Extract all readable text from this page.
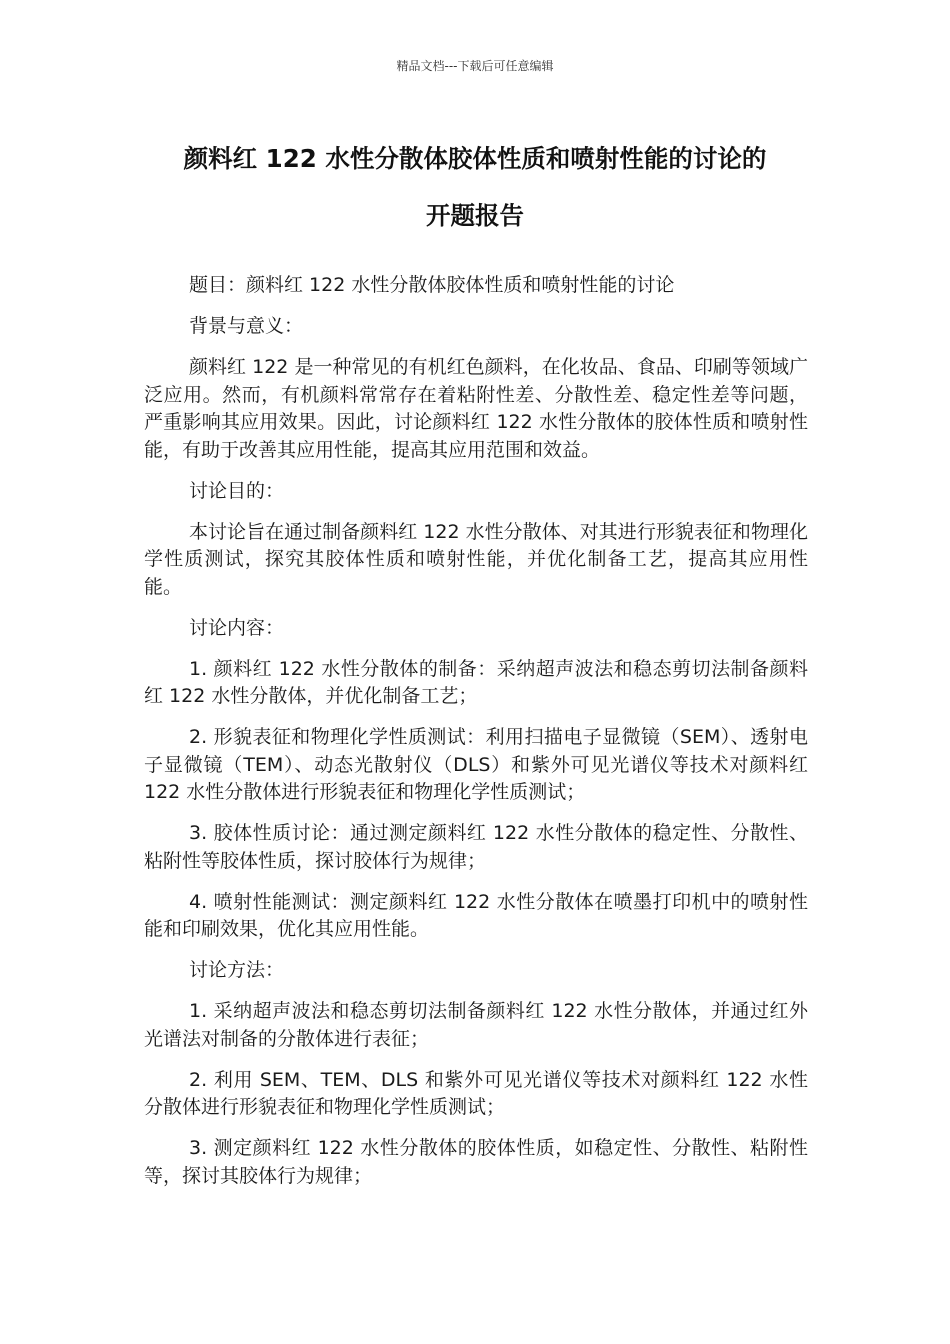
精品文档---下载后可任意编辑
颜料红 122 水性分散体胶体性质和喷射性能的讨论的
开题报告

题目：颜料红 122 水性分散体胶体性质和喷射性能的讨论

背景与意义：

颜料红 122 是一种常见的有机红色颜料，在化妆品、食品、印刷等领域广泛应用。然而，有机颜料常常存在着粘附性差、分散性差、稳定性差等问题，严重影响其应用效果。因此，讨论颜料红 122 水性分散体的胶体性质和喷射性能，有助于改善其应用性能，提高其应用范围和效益。

讨论目的：

本讨论旨在通过制备颜料红 122 水性分散体、对其进行形貌表征和物理化学性质测试，探究其胶体性质和喷射性能，并优化制备工艺，提高其应用性能。

讨论内容：

1. 颜料红 122 水性分散体的制备：采纳超声波法和稳态剪切法制备颜料红 122 水性分散体，并优化制备工艺；

2. 形貌表征和物理化学性质测试：利用扫描电子显微镜（SEM）、透射电子显微镜（TEM）、动态光散射仪（DLS）和紫外可见光谱仪等技术对颜料红 122 水性分散体进行形貌表征和物理化学性质测试；

3. 胶体性质讨论：通过测定颜料红 122 水性分散体的稳定性、分散性、粘附性等胶体性质，探讨胶体行为规律；

4. 喷射性能测试：测定颜料红 122 水性分散体在喷墨打印机中的喷射性能和印刷效果，优化其应用性能。

讨论方法：

1. 采纳超声波法和稳态剪切法制备颜料红 122 水性分散体，并通过红外光谱法对制备的分散体进行表征；

2. 利用 SEM、TEM、DLS 和紫外可见光谱仪等技术对颜料红 122 水性分散体进行形貌表征和物理化学性质测试；

3. 测定颜料红 122 水性分散体的胶体性质，如稳定性、分散性、粘附性等，探讨其胶体行为规律；
